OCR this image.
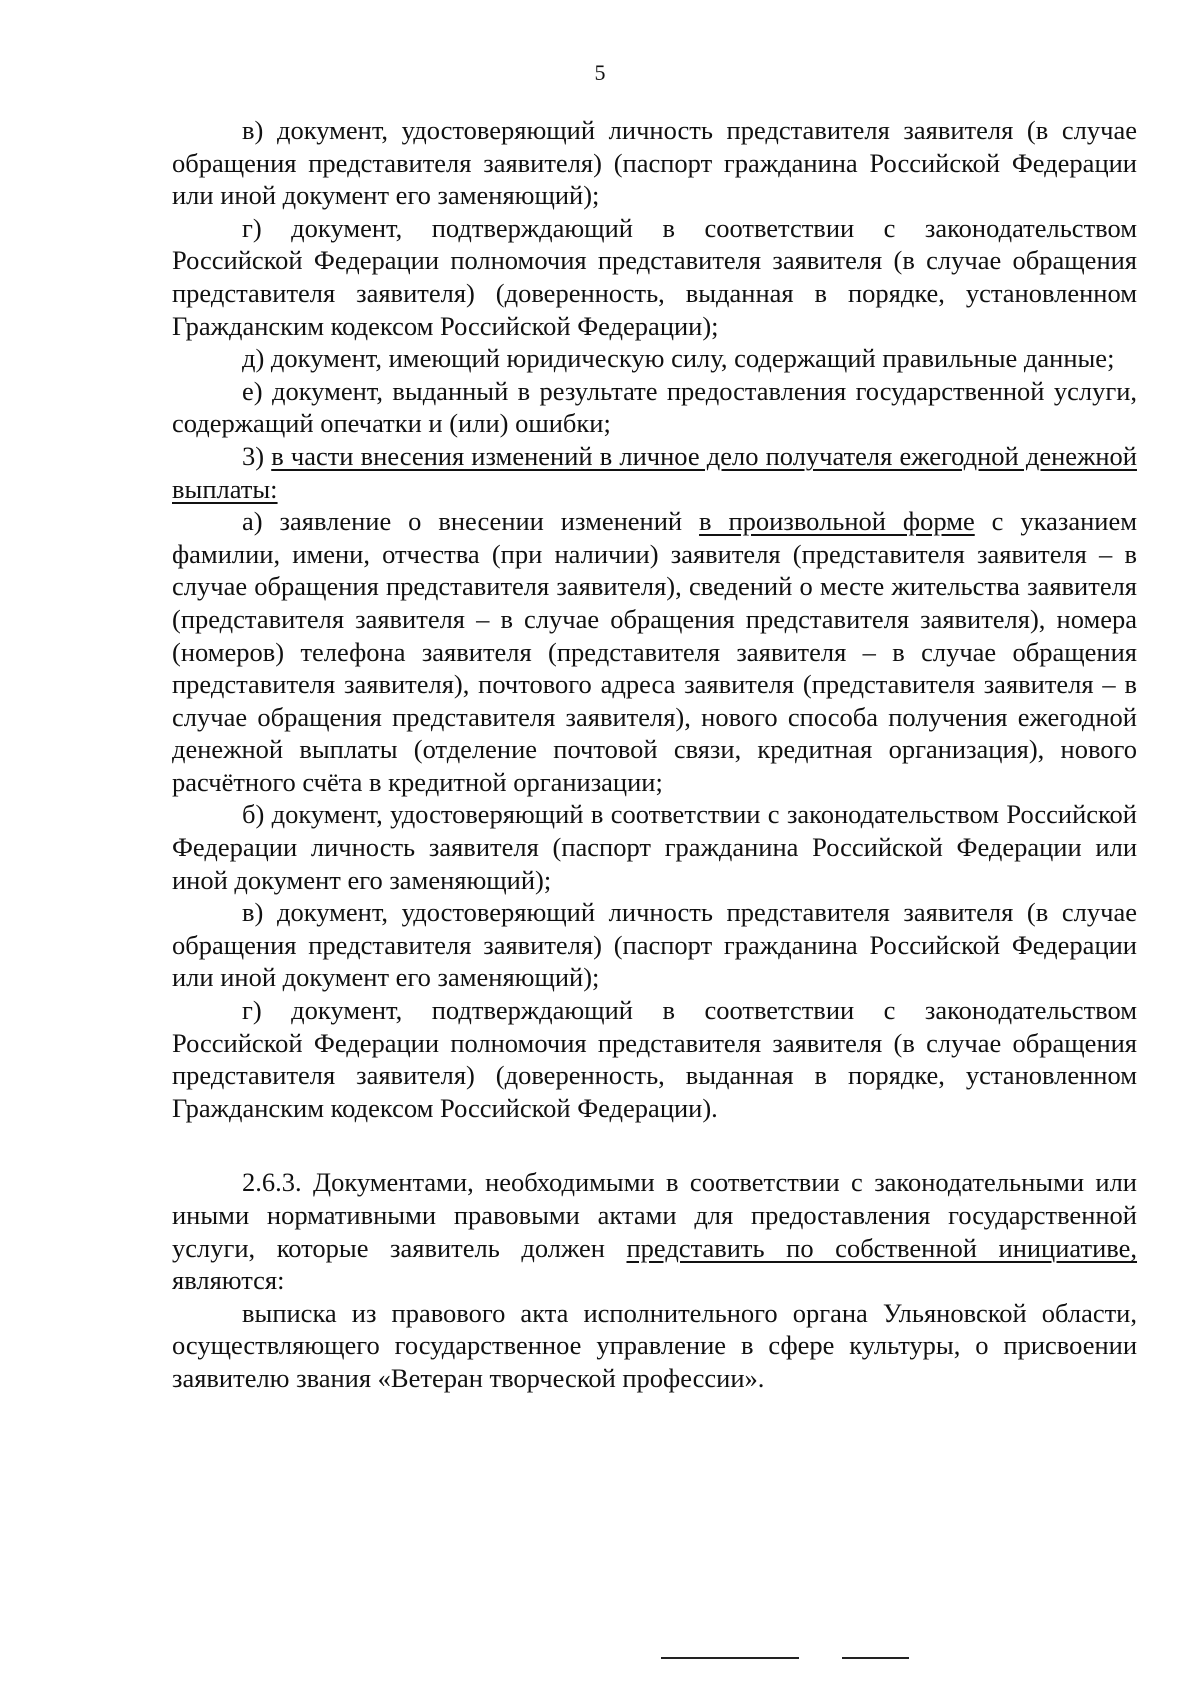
5

в) документ, удостоверяющий личность представителя заявителя (в случае обращения представителя заявителя) (паспорт гражданина Российской Федерации или иной документ его заменяющий);

г) документ, подтверждающий в соответствии с законодательством Российской Федерации полномочия представителя заявителя (в случае обращения представителя заявителя) (доверенность, выданная в порядке, установленном Гражданским кодексом Российской Федерации);

д) документ, имеющий юридическую силу, содержащий правильные данные;

е) документ, выданный в результате предоставления государственной услуги, содержащий опечатки и (или) ошибки;

3) в части внесения изменений в личное дело получателя ежегодной денежной выплаты:

а) заявление о внесении изменений в произвольной форме с указанием фамилии, имени, отчества (при наличии) заявителя (представителя заявителя – в случае обращения представителя заявителя), сведений о месте жительства заявителя (представителя заявителя – в случае обращения представителя заявителя), номера (номеров) телефона заявителя (представителя заявителя – в случае обращения представителя заявителя), почтового адреса заявителя (представителя заявителя – в случае обращения представителя заявителя), нового способа получения ежегодной денежной выплаты (отделение почтовой связи, кредитная организация), нового расчётного счёта в кредитной организации;

б) документ, удостоверяющий в соответствии с законодательством Российской Федерации личность заявителя (паспорт гражданина Российской Федерации или иной документ его заменяющий);

в) документ, удостоверяющий личность представителя заявителя (в случае обращения представителя заявителя) (паспорт гражданина Российской Федерации или иной документ его заменяющий);

г) документ, подтверждающий в соответствии с законодательством Российской Федерации полномочия представителя заявителя (в случае обращения представителя заявителя) (доверенность, выданная в порядке, установленном Гражданским кодексом Российской Федерации).

2.6.3. Документами, необходимыми в соответствии с законодательными или иными нормативными правовыми актами для предоставления государственной услуги, которые заявитель должен представить по собственной инициативе, являются:

выписка из правового акта исполнительного органа Ульяновской области, осуществляющего государственное управление в сфере культуры, о присвоении заявителю звания «Ветеран творческой профессии».
